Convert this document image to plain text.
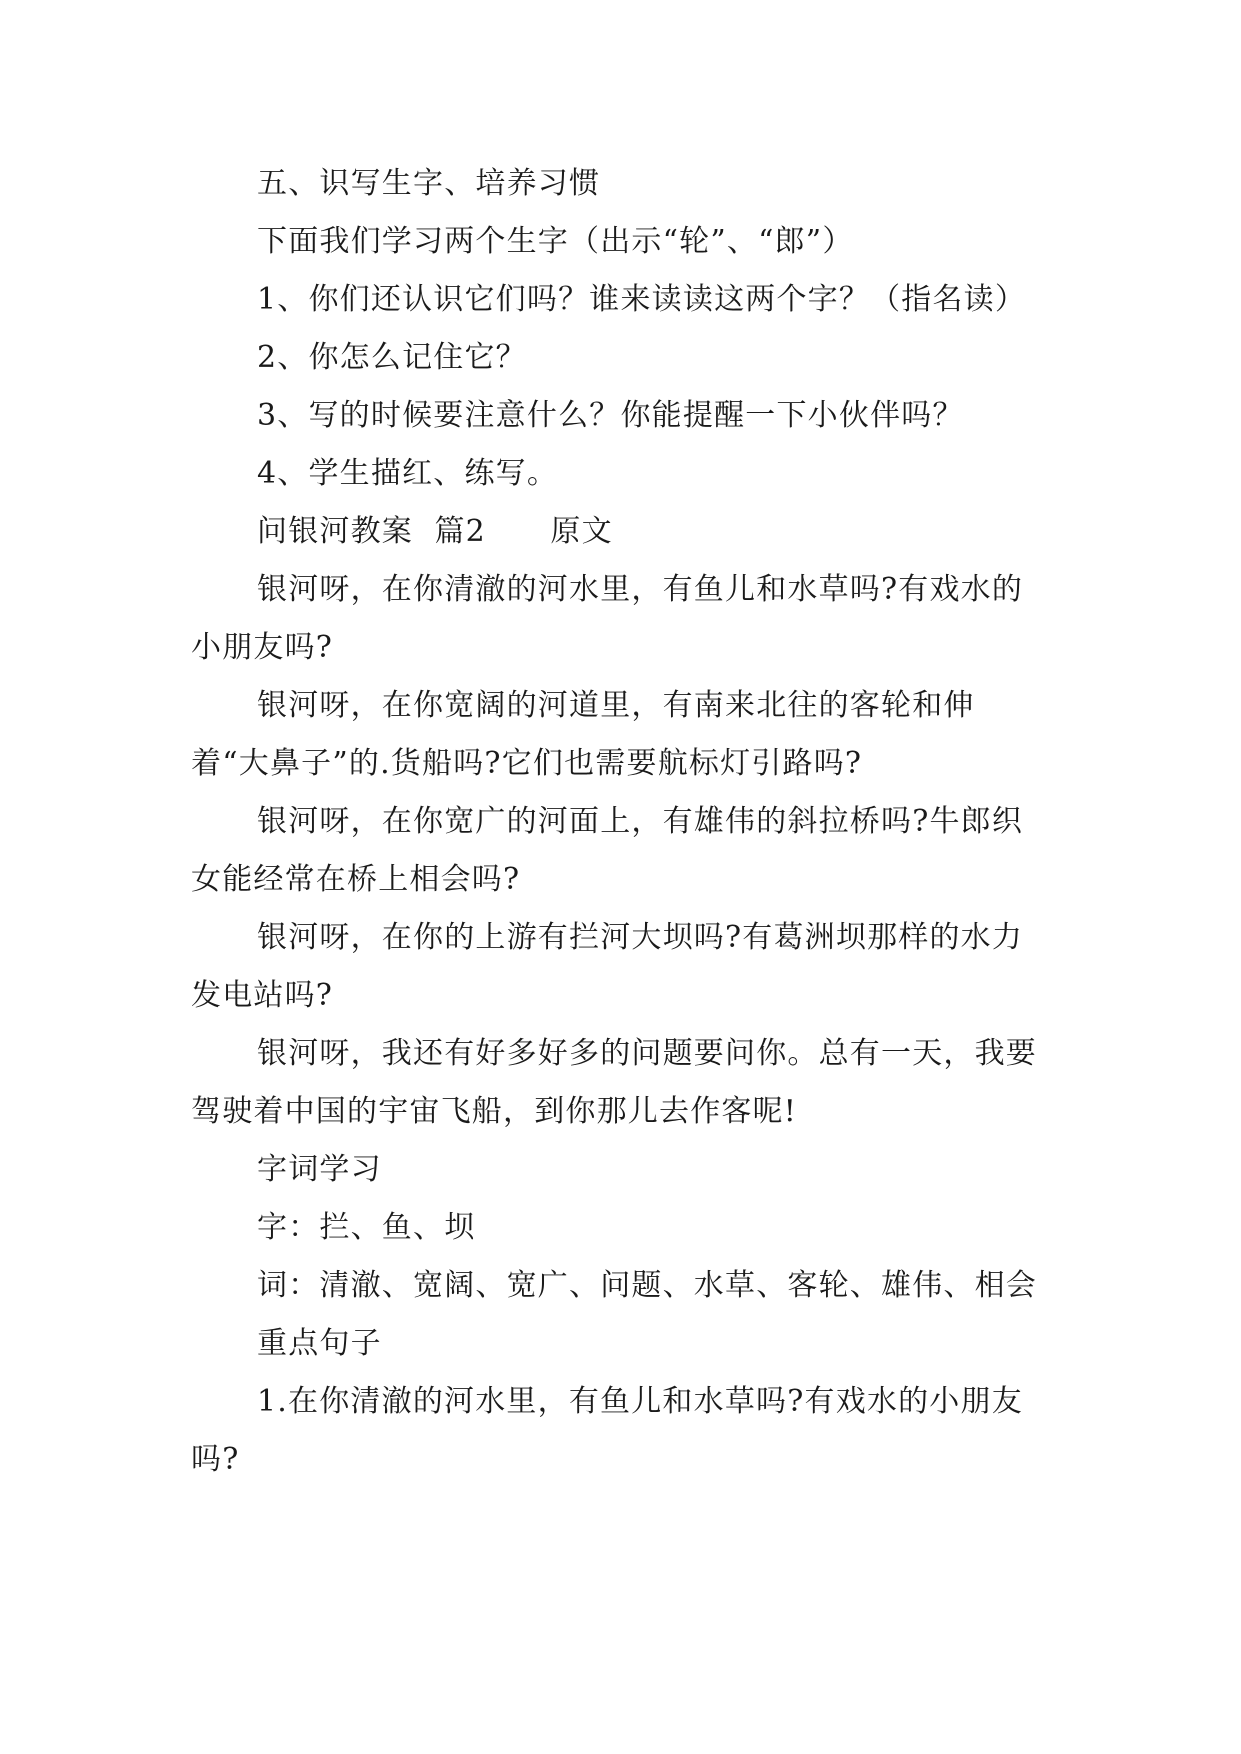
五、识写生字、培养习惯

下面我们学习两个生字（出示“轮”、“郎”）

1、你们还认识它们吗？谁来读读这两个字？（指名读）

2、你怎么记住它？

3、写的时候要注意什么？你能提醒一下小伙伴吗？

4、学生描红、练写。

问银河教案  篇2      原文

银河呀，在你清澈的河水里，有鱼儿和水草吗?有戏水的小朋友吗?

银河呀，在你宽阔的河道里，有南来北往的客轮和伸着“大鼻子”的.货船吗?它们也需要航标灯引路吗?

银河呀，在你宽广的河面上，有雄伟的斜拉桥吗?牛郎织女能经常在桥上相会吗?

银河呀，在你的上游有拦河大坝吗?有葛洲坝那样的水力发电站吗?

银河呀，我还有好多好多的问题要问你。总有一天，我要驾驶着中国的宇宙飞船，到你那儿去作客呢!

字词学习

字：拦、鱼、坝

词：清澈、宽阔、宽广、问题、水草、客轮、雄伟、相会

重点句子

1.在你清澈的河水里，有鱼儿和水草吗?有戏水的小朋友吗?
